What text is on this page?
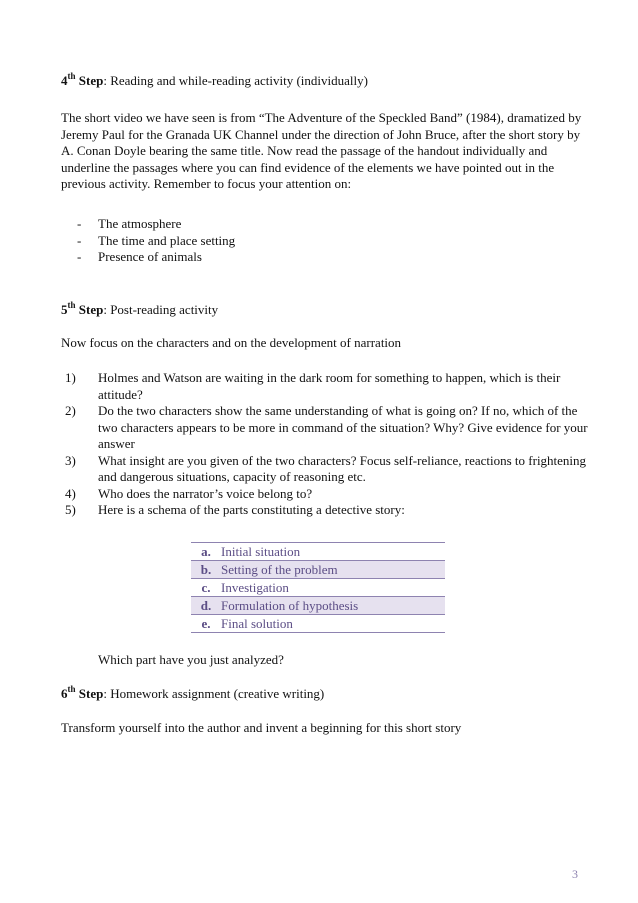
4th Step: Reading and while-reading activity (individually)

The short video we have seen is from “The Adventure of the Speckled Band” (1984), dramatized by Jeremy Paul for the Granada UK Channel under the direction of John Bruce, after the short story by A. Conan Doyle bearing the same title. Now read the passage of the handout individually and underline the passages where you can find evidence of the elements we have pointed out in the previous activity. Remember to focus your attention on:

- The atmosphere
- The time and place setting
- Presence of animals
5th Step: Post-reading activity

Now focus on the characters and on the development of narration

1) Holmes and Watson are waiting in the dark room for something to happen, which is their attitude?
2) Do the two characters show the same understanding of what is going on? If no, which of the two characters appears to be more in command of the situation? Why? Give evidence for your answer
3) What insight are you given of the two characters? Focus self-reliance, reactions to frightening and dangerous situations, capacity of reasoning etc.
4) Who does the narrator’s voice belong to?
5) Here is a schema of the parts constituting a detective story:
a.	Initial situation
b.	Setting of the problem
c.	Investigation
d.	Formulation of hypothesis
e.	Final solution

Which part have you just analyzed?

6th Step: Homework assignment (creative writing)

Transform yourself into the author and invent a beginning for this short story

3
